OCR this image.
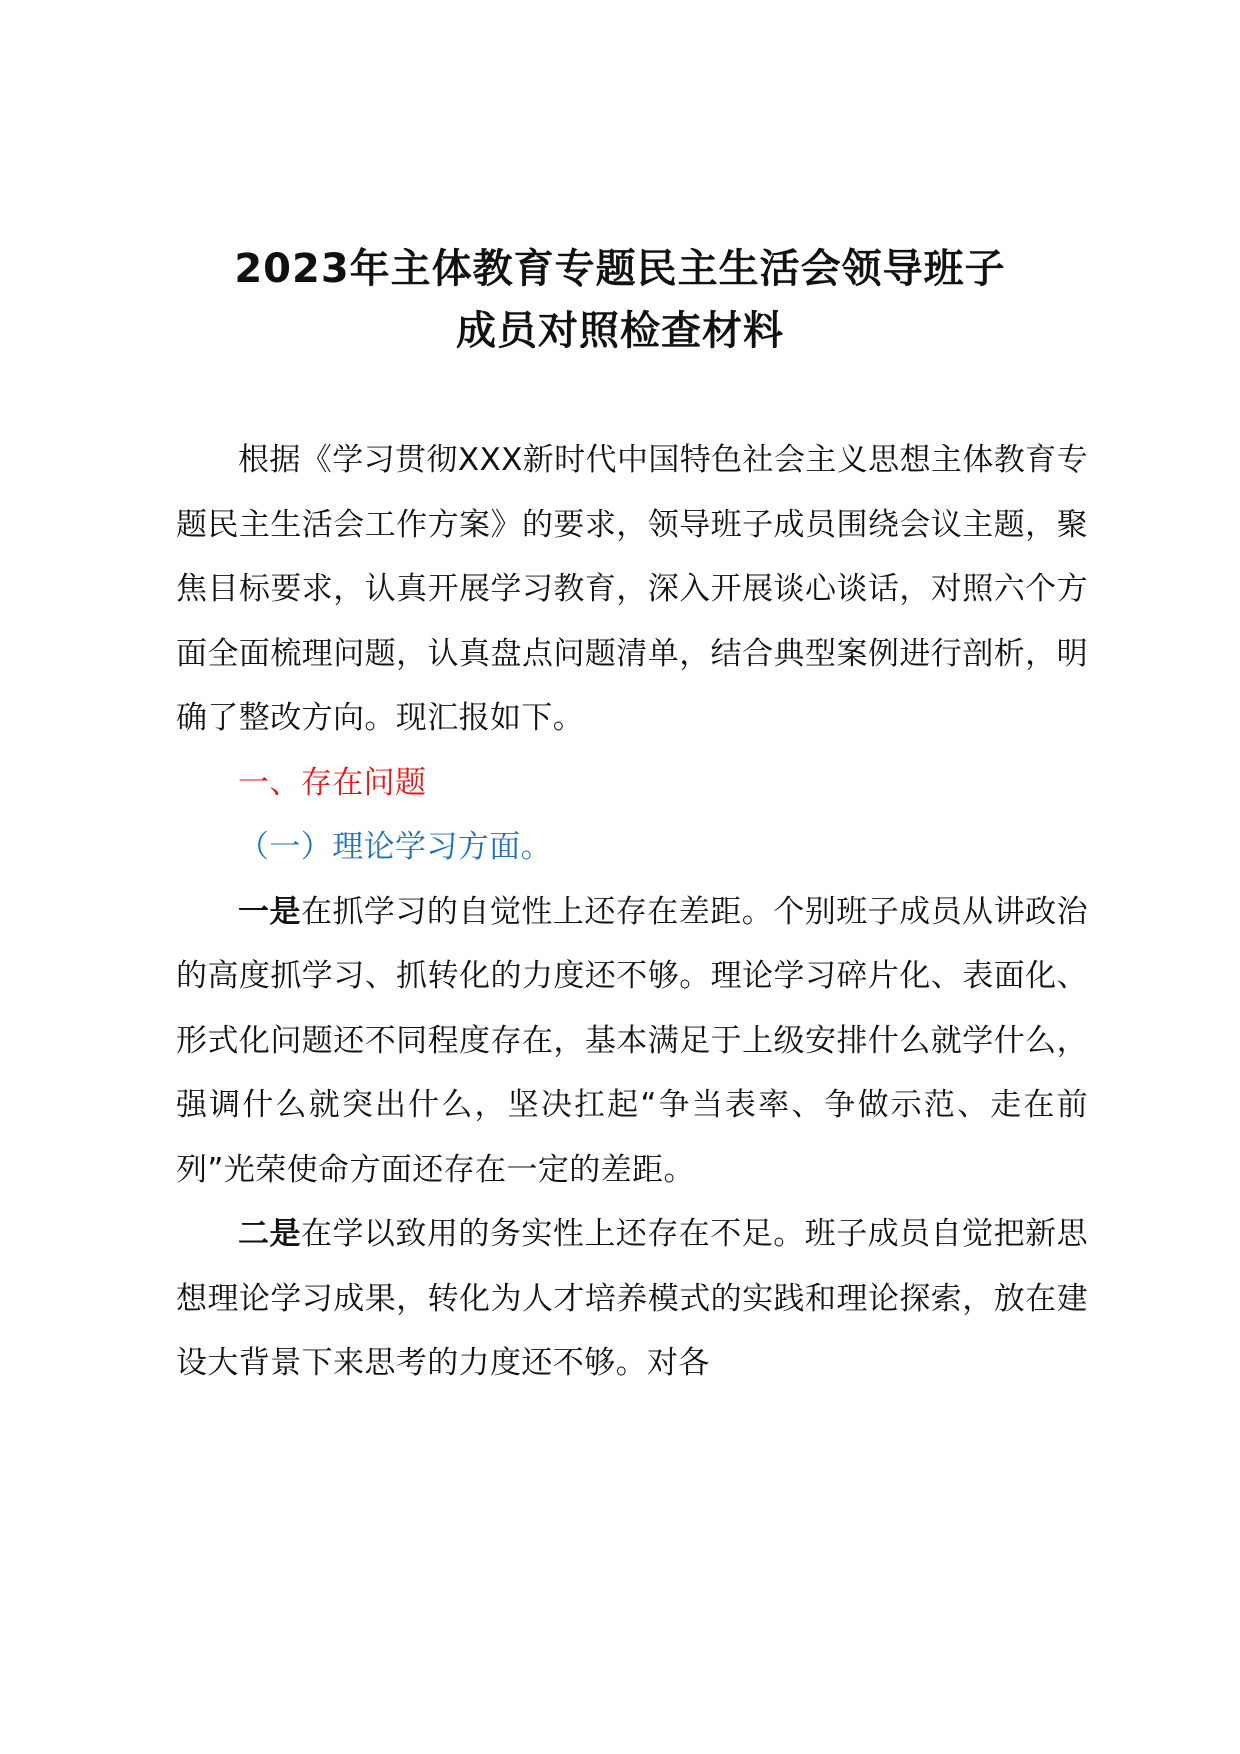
2023年主体教育专题民主生活会领导班子
成员对照检查材料

根据《学习贯彻XXX新时代中国特色社会主义思想主体教育专题民主生活会工作方案》的要求，领导班子成员围绕会议主题，聚焦目标要求，认真开展学习教育，深入开展谈心谈话，对照六个方面全面梳理问题，认真盘点问题清单，结合典型案例进行剖析，明确了整改方向。现汇报如下。

一、存在问题

（一）理论学习方面。

一是在抓学习的自觉性上还存在差距。个别班子成员从讲政治的高度抓学习、抓转化的力度还不够。理论学习碎片化、表面化、形式化问题还不同程度存在，基本满足于上级安排什么就学什么，强调什么就突出什么，坚决扛起“争当表率、争做示范、走在前列”光荣使命方面还存在一定的差距。

二是在学以致用的务实性上还存在不足。班子成员自觉把新思想理论学习成果，转化为人才培养模式的实践和理论探索，放在建设大背景下来思考的力度还不够。对各
